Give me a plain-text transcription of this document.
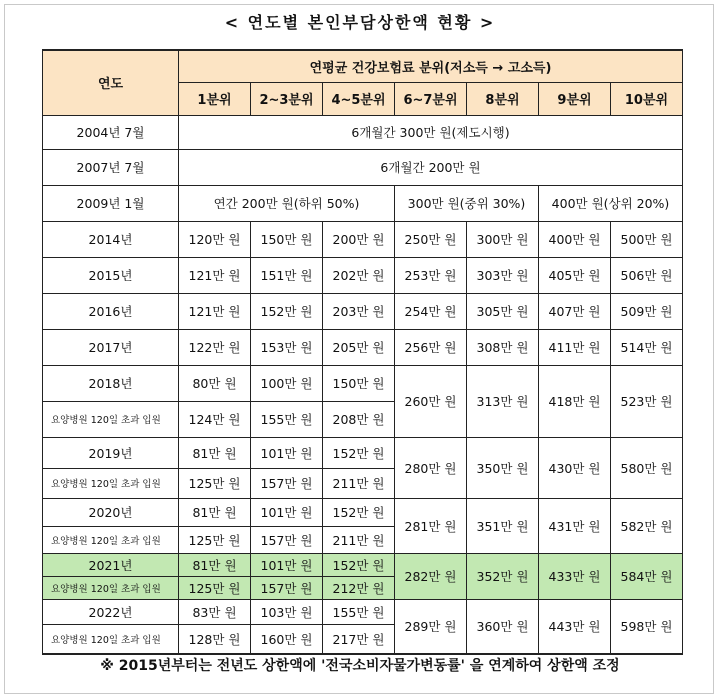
< 연도별 본인부담상한액 현황 >
연도	연평균 건강보험료 분위(저소득 → 고소득)						
	1분위	2~3분위	4~5분위	6~7분위	8분위	9분위	10분위
2004년 7월	6개월간 300만 원(제도시행)						
2007년 7월	6개월간 200만 원						
2009년 1월	연간 200만 원(하위 50%)			300만 원(중위 30%)		400만 원(상위 20%)	
2014년	120만 원	150만 원	200만 원	250만 원	300만 원	400만 원	500만 원
2015년	121만 원	151만 원	202만 원	253만 원	303만 원	405만 원	506만 원
2016년	121만 원	152만 원	203만 원	254만 원	305만 원	407만 원	509만 원
2017년	122만 원	153만 원	205만 원	256만 원	308만 원	411만 원	514만 원
2018년	80만 원	100만 원	150만 원	260만 원	313만 원	418만 원	523만 원
요양병원 120일 초과 입원	124만 원	155만 원	208만 원				
2019년	81만 원	101만 원	152만 원	280만 원	350만 원	430만 원	580만 원
요양병원 120일 초과 입원	125만 원	157만 원	211만 원				
2020년	81만 원	101만 원	152만 원	281만 원	351만 원	431만 원	582만 원
요양병원 120일 초과 입원	125만 원	157만 원	211만 원				
2021년	81만 원	101만 원	152만 원	282만 원	352만 원	433만 원	584만 원
요양병원 120일 초과 입원	125만 원	157만 원	212만 원				
2022년	83만 원	103만 원	155만 원	289만 원	360만 원	443만 원	598만 원
요양병원 120일 초과 입원	128만 원	160만 원	217만 원				
※ 2015년부터는 전년도 상한액에 '전국소비자물가변동률' 을 연계하여 상한액 조정
